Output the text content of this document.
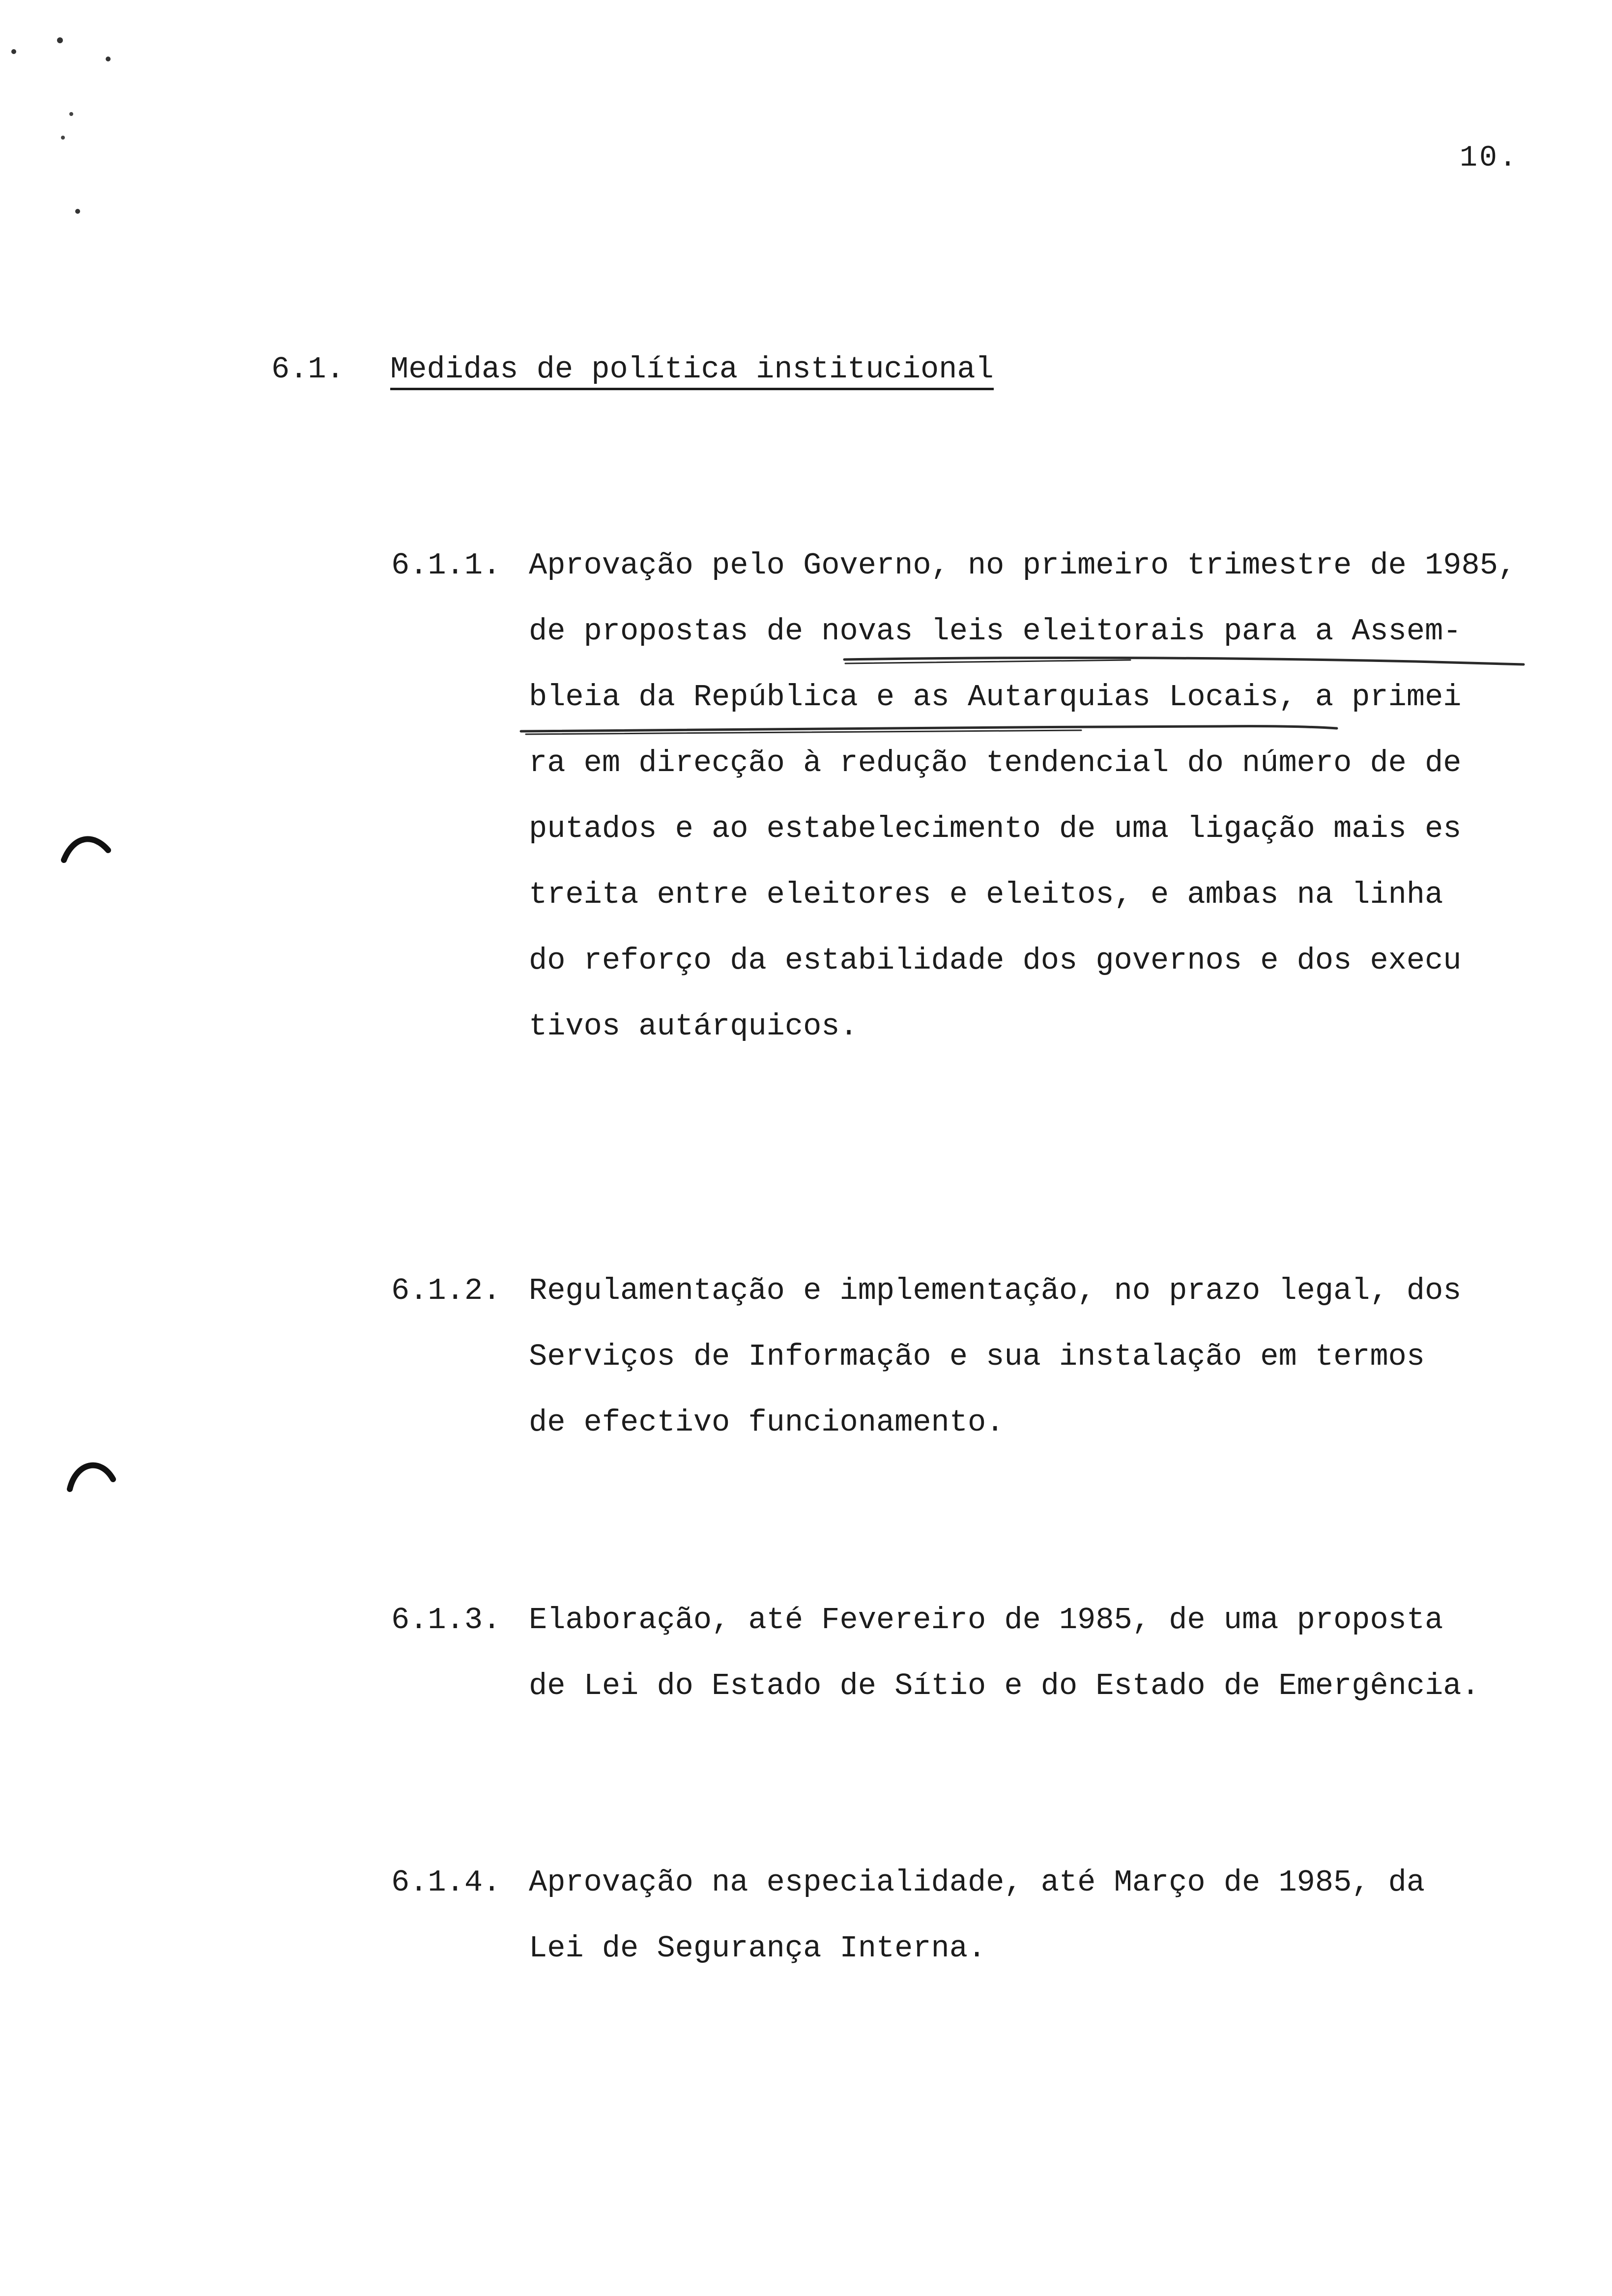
10.
6.1. Medidas de política institucional
6.1.1. Aprovação pelo Governo, no primeiro trimestre de 1985,
de propostas de novas leis eleitorais para a Assem-
bleia da República e as Autarquias Locais, a primei
ra em direcção à redução tendencial do número de de
putados e ao estabelecimento de uma ligação mais es
treita entre eleitores e eleitos, e ambas na linha
do reforço da estabilidade dos governos e dos execu
tivos autárquicos.
6.1.2. Regulamentação e implementação, no prazo legal, dos
Serviços de Informação e sua instalação em termos
de efectivo funcionamento.
6.1.3. Elaboração, até Fevereiro de 1985, de uma proposta
de Lei do Estado de Sítio e do Estado de Emergência.
6.1.4. Aprovação na especialidade, até Março de 1985, da
Lei de Segurança Interna.
